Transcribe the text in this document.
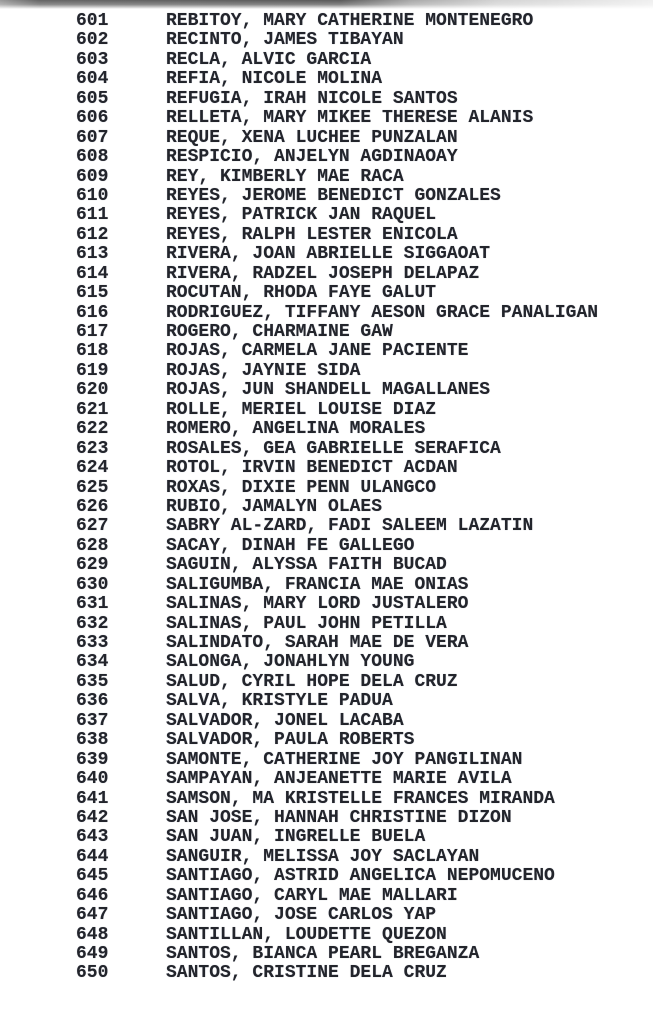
601	REBITOY, MARY CATHERINE MONTENEGRO
602	RECINTO, JAMES TIBAYAN
603	RECLA, ALVIC GARCIA
604	REFIA, NICOLE MOLINA
605	REFUGIA, IRAH NICOLE SANTOS
606	RELLETA, MARY MIKEE THERESE ALANIS
607	REQUE, XENA LUCHEE PUNZALAN
608	RESPICIO, ANJELYN AGDINAOAY
609	REY, KIMBERLY MAE RACA
610	REYES, JEROME BENEDICT GONZALES
611	REYES, PATRICK JAN RAQUEL
612	REYES, RALPH LESTER ENICOLA
613	RIVERA, JOAN ABRIELLE SIGGAOAT
614	RIVERA, RADZEL JOSEPH DELAPAZ
615	ROCUTAN, RHODA FAYE GALUT
616	RODRIGUEZ, TIFFANY AESON GRACE PANALIGAN
617	ROGERO, CHARMAINE GAW
618	ROJAS, CARMELA JANE PACIENTE
619	ROJAS, JAYNIE SIDA
620	ROJAS, JUN SHANDELL MAGALLANES
621	ROLLE, MERIEL LOUISE DIAZ
622	ROMERO, ANGELINA MORALES
623	ROSALES, GEA GABRIELLE SERAFICA
624	ROTOL, IRVIN BENEDICT ACDAN
625	ROXAS, DIXIE PENN ULANGCO
626	RUBIO, JAMALYN OLAES
627	SABRY AL-ZARD, FADI SALEEM LAZATIN
628	SACAY, DINAH FE GALLEGO
629	SAGUIN, ALYSSA FAITH BUCAD
630	SALIGUMBA, FRANCIA MAE OÑIAS
631	SALINAS, MARY LORD JUSTALERO
632	SALINAS, PAUL JOHN PETILLA
633	SALINDATO, SARAH MAE DE VERA
634	SALONGA, JONAHLYN YOUNG
635	SALUD, CYRIL HOPE DELA CRUZ
636	SALVA, KRISTYLE PADUA
637	SALVADOR, JONEL LACABA
638	SALVADOR, PAULA ROBERTS
639	SAMONTE, CATHERINE JOY PANGILINAN
640	SAMPAYAN, ANJEANETTE MARIE AVILA
641	SAMSON, MA KRISTELLE FRANCES MIRANDA
642	SAN JOSE, HANNAH CHRISTINE DIZON
643	SAN JUAN, INGRELLE BUELA
644	SANGUIR, MELISSA JOY SACLAYAN
645	SANTIAGO, ASTRID ANGELICA NEPOMUCENO
646	SANTIAGO, CARYL MAE MALLARI
647	SANTIAGO, JOSE CARLOS YAP
648	SANTILLAN, LOUDETTE QUEZON
649	SANTOS, BIANCA PEARL BREGANZA
650	SANTOS, CRISTINE DELA CRUZ
